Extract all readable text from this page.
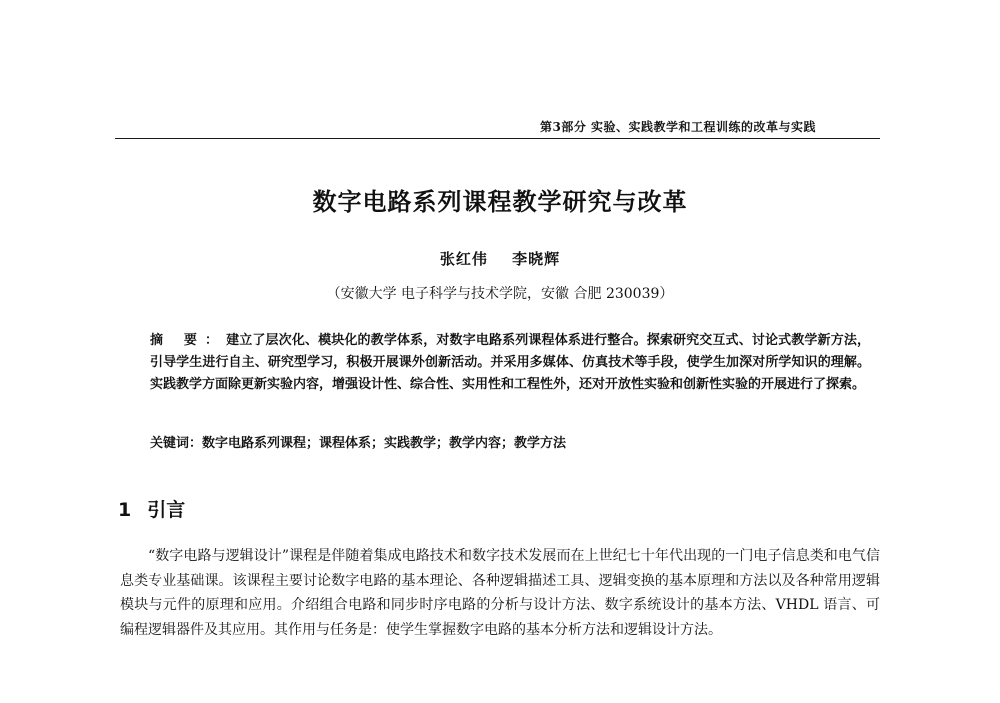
第3部分 实验、实践教学和工程训练的改革与实践
数字电路系列课程教学研究与改革
张红伟 李晓辉
（安徽大学 电子科学与技术学院，安徽 合肥 230039）
摘 要：建立了层次化、模块化的教学体系，对数字电路系列课程体系进行整合。探索研究交互式、讨论式教学新方法，引导学生进行自主、研究型学习，积极开展课外创新活动。并采用多媒体、仿真技术等手段，使学生加深对所学知识的理解。实践教学方面除更新实验内容，增强设计性、综合性、实用性和工程性外，还对开放性实验和创新性实验的开展进行了探索。
关键词：数字电路系列课程；课程体系；实践教学；教学内容；教学方法
1 引言
“数字电路与逻辑设计”课程是伴随着集成电路技术和数字技术发展而在上世纪七十年代出现的一门电子信息类和电气信息类专业基础课。该课程主要讨论数字电路的基本理论、各种逻辑描述工具、逻辑变换的基本原理和方法以及各种常用逻辑模块与元件的原理和应用。介绍组合电路和同步时序电路的分析与设计方法、数字系统设计的基本方法、VHDL 语言、可编程逻辑器件及其应用。其作用与任务是：使学生掌握数字电路的基本分析方法和逻辑设计方法。
